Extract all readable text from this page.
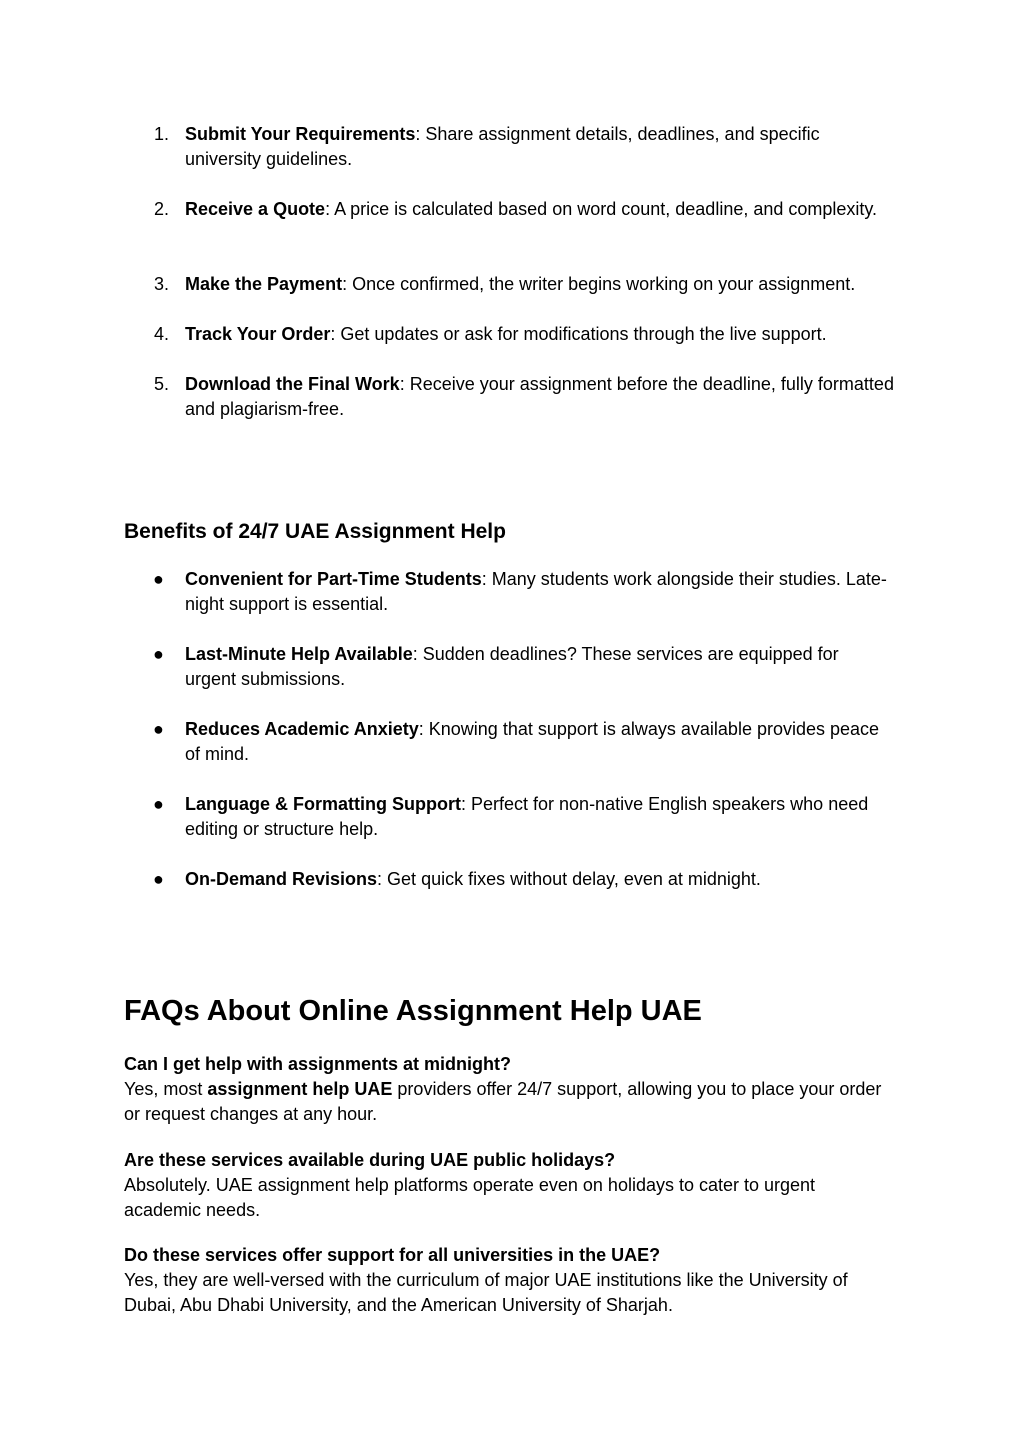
1. Submit Your Requirements: Share assignment details, deadlines, and specific university guidelines.
2. Receive a Quote: A price is calculated based on word count, deadline, and complexity.
3. Make the Payment: Once confirmed, the writer begins working on your assignment.
4. Track Your Order: Get updates or ask for modifications through the live support.
5. Download the Final Work: Receive your assignment before the deadline, fully formatted and plagiarism-free.
Benefits of 24/7 UAE Assignment Help
●	Convenient for Part-Time Students: Many students work alongside their studies. Late-night support is essential.
●	Last-Minute Help Available: Sudden deadlines? These services are equipped for urgent submissions.
●	Reduces Academic Anxiety: Knowing that support is always available provides peace of mind.
●	Language & Formatting Support: Perfect for non-native English speakers who need editing or structure help.
●	On-Demand Revisions: Get quick fixes without delay, even at midnight.
FAQs About Online Assignment Help UAE
Can I get help with assignments at midnight?
Yes, most assignment help UAE providers offer 24/7 support, allowing you to place your order or request changes at any hour.
Are these services available during UAE public holidays?
Absolutely. UAE assignment help platforms operate even on holidays to cater to urgent academic needs.
Do these services offer support for all universities in the UAE?
Yes, they are well-versed with the curriculum of major UAE institutions like the University of Dubai, Abu Dhabi University, and the American University of Sharjah.
